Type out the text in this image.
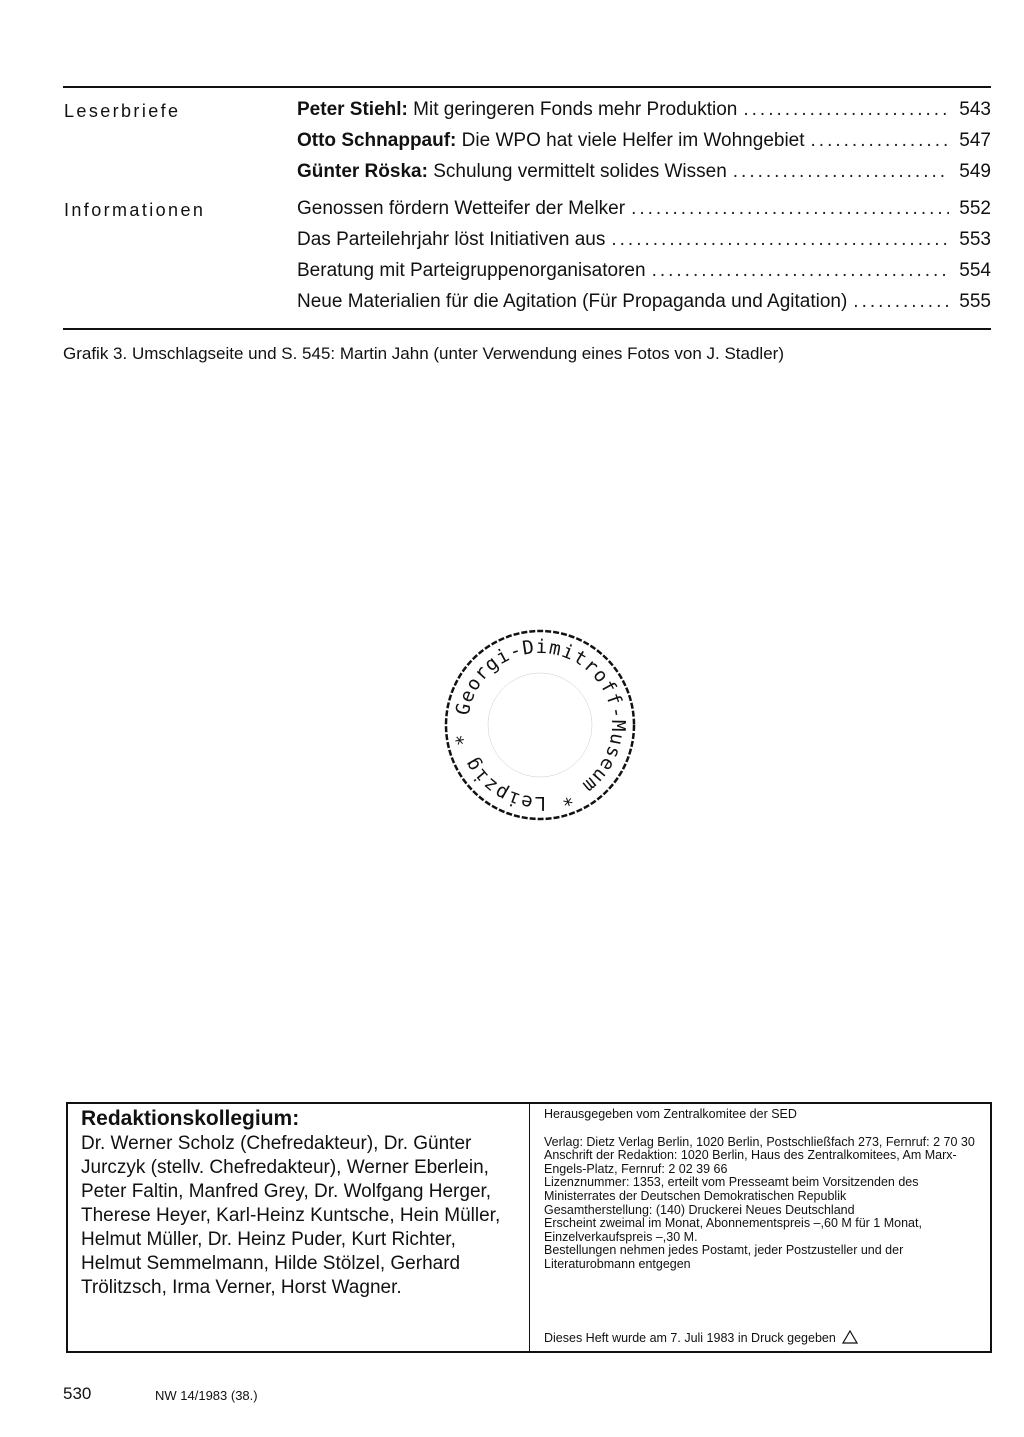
Leserbriefe	Peter Stiehl: Mit geringeren Fonds mehr Produktion .....	543
Otto Schnappauf: Die WPO hat viele Helfer im Wohngebiet .....	547
Günter Röska: Schulung vermittelt solides Wissen .....	549
Informationen	Genossen fördern Wetteifer der Melker .....	552
Das Parteilehrjahr löst Initiativen aus .....	553
Beratung mit Parteigruppenorganisatoren .....	554
Neue Materialien für die Agitation (Für Propaganda und Agitation) .....	555
Grafik 3. Umschlagseite und S. 545: Martin Jahn (unter Verwendung eines Fotos von J. Stadler)
Georgi-Dimitroff-Museum * Leipzig *
Redaktionskollegium:
Dr. Werner Scholz (Chefredakteur), Dr. Günter Jurczyk (stellv. Chefredakteur), Werner Eberlein, Peter Faltin, Manfred Grey, Dr. Wolfgang Herger, Therese Heyer, Karl-Heinz Kuntsche, Hein Müller, Helmut Müller, Dr. Heinz Puder, Kurt Richter, Helmut Semmelmann, Hilde Stölzel, Gerhard Trölitzsch, Irma Verner, Horst Wagner.

Herausgegeben vom Zentralkomitee der SED

Verlag: Dietz Verlag Berlin, 1020 Berlin, Postschließfach 273, Fernruf: 2 70 30

Anschrift der Redaktion: 1020 Berlin, Haus des Zentralkomitees, Am Marx-Engels-Platz, Fernruf: 2 02 39 66

Lizenznummer: 1353, erteilt vom Presseamt beim Vorsitzenden des Ministerrates der Deutschen Demokratischen Republik

Gesamtherstellung: (140) Druckerei Neues Deutschland

Erscheint zweimal im Monat, Abonnementspreis –,60 M für 1 Monat, Einzelverkaufspreis –,30 M.

Bestellungen nehmen jedes Postamt, jeder Postzusteller und der Literaturobmann entgegen

Dieses Heft wurde am 7. Juli 1983 in Druck gegeben
530	NW 14/1983 (38.)
